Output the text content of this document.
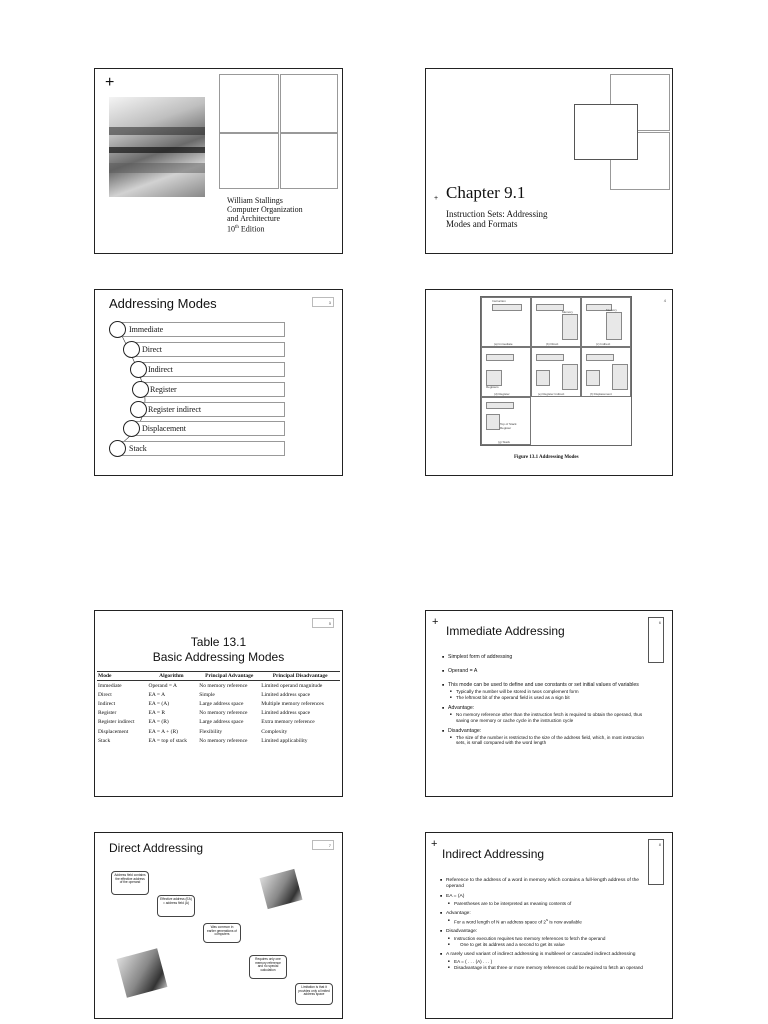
+
William Stallings
Computer Organization
and Architecture
10th Edition
+ Chapter 9.1
Instruction Sets: Addressing
Modes and Formats
3
Addressing Modes
Immediate
Direct
Indirect
Register
Register indirect
Displacement
Stack
4
Instruction
(a) Immediate
Memory
(b) Direct
Memory
(c) Indirect
Registers
(d) Register	(e) Register Indirect	(f) Displacement
Top of Stack Register
(g) Stack
Figure 13.1 Addressing Modes
5
Table 13.1
Basic Addressing Modes
Mode	Algorithm	Principal Advantage	Principal Disadvantage
Immediate	Operand = A	No memory reference	Limited operand magnitude
Direct	EA = A	Simple	Limited address space
Indirect	EA = (A)	Large address space	Multiple memory references
Register	EA = R	No memory reference	Limited address space
Register indirect	EA = (R)	Large address space	Extra memory reference
Displacement	EA = A + (R)	Flexibility	Complexity
Stack	EA = top of stack	No memory reference	Limited applicability
6
+
Immediate Addressing
■ Simplest form of addressing
■ Operand = A
■ This mode can be used to define and use constants or set initial values of variables
■ Typically the number will be stored in twos complement form
■ The leftmost bit of the operand field is used as a sign bit
■ Advantage:
■ No memory reference other than the instruction fetch is required to obtain the operand, thus saving one memory or cache cycle in the instruction cycle
■ Disadvantage:
■ The size of the number is restricted to the size of the address field, which, in most instruction sets, is small compared with the word length
7
Direct Addressing
Address field contains the effective address of the operand
Effective address (EA) = address field (A)
Was common in earlier generations of computers
Requires only one memory reference and no special calculation
Limitation is that it provides only a limited address space
8
+
Indirect Addressing
■ Reference to the address of a word in memory which contains a full-length address of the operand
■ EA = (A)
■ Parentheses are to be interpreted as meaning contents of
■ Advantage:
■ For a word length of N an address space of $2^N$ is now available
■ Disadvantage:
■ Instruction execution requires two memory references to fetch the operand
■ One to get its address and a second to get its value
■ A rarely used variant of indirect addressing is multilevel or cascaded indirect addressing
■ EA = ( . . . (A) . . . )
■ Disadvantage is that three or more memory references could be required to fetch an operand
